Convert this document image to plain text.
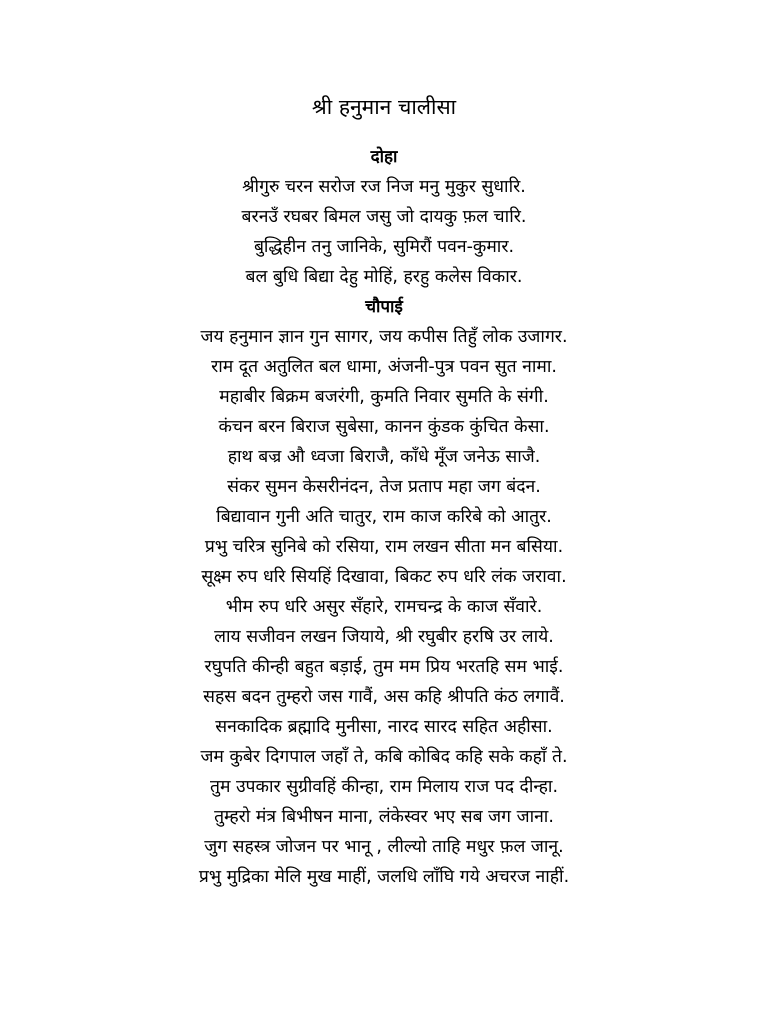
श्री हनुमान चालीसा
दोहा
श्रीगुरु चरन सरोज रज निज मनु मुकुर सुधारि.
बरनउँ रघबर बिमल जसु जो दायकु फ़ल चारि.
बुद्धिहीन तनु जानिके, सुमिरौं पवन-कुमार.
बल बुधि बिद्या देहु मोहिं, हरहु कलेस विकार.
चौपाई
जय हनुमान ज्ञान गुन सागर, जय कपीस तिहुँ लोक उजागर.
राम दूत अतुलित बल धामा, अंजनी-पुत्र पवन सुत नामा.
महाबीर बिक्रम बजरंगी, कुमति निवार सुमति के संगी.
कंचन बरन बिराज सुबेसा, कानन कुंडक कुंचित केसा.
हाथ बज्र औ ध्वजा बिराजै, काँधे मूँज जनेऊ साजै.
संकर सुमन केसरीनंदन, तेज प्रताप महा जग बंदन.
बिद्यावान गुनी अति चातुर, राम काज करिबे को आतुर.
प्रभु चरित्र सुनिबे को रसिया, राम लखन सीता मन बसिया.
सूक्ष्म रुप धरि सियहिं दिखावा, बिकट रुप धरि लंक जरावा.
भीम रुप धरि असुर सँहारे, रामचन्द्र के काज सँवारे.
लाय सजीवन लखन जियाये, श्री रघुबीर हरषि उर लाये.
रघुपति कीन्ही बहुत बड़ाई, तुम मम प्रिय भरतहि सम भाई.
सहस बदन तुम्हरो जस गावैं, अस कहि श्रीपति कंठ लगावैं.
सनकादिक ब्रह्मादि मुनीसा, नारद सारद सहित अहीसा.
जम कुबेर दिगपाल जहाँ ते, कबि कोबिद कहि सके कहाँ ते.
तुम उपकार सुग्रीवहिं कीन्हा, राम मिलाय राज पद दीन्हा.
तुम्हरो मंत्र बिभीषन माना, लंकेस्वर भए सब जग जाना.
जुग सहस्त्र जोजन पर भानू , लील्यो ताहि मधुर फ़ल जानू.
प्रभु मुद्रिका मेलि मुख माहीं, जलधि लाँघि गये अचरज नाहीं.
